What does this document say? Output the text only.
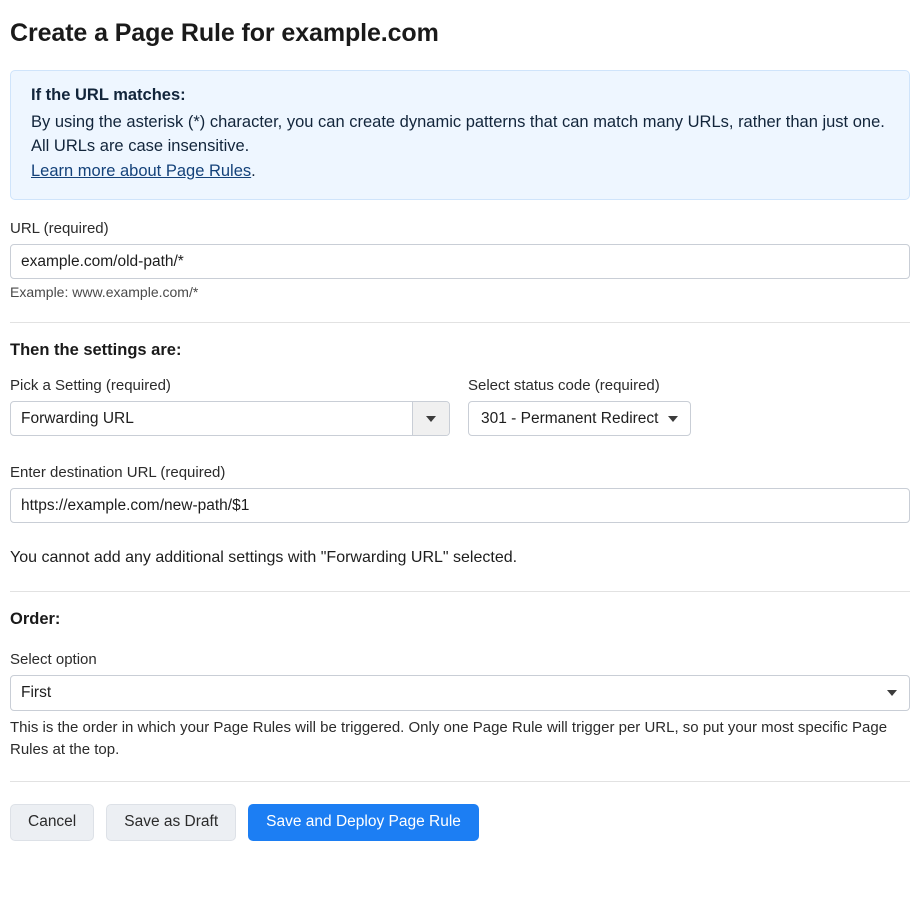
Create a Page Rule for example.com
If the URL matches:
By using the asterisk (*) character, you can create dynamic patterns that can match many URLs, rather than just one. All URLs are case insensitive.
Learn more about Page Rules.
URL (required)
example.com/old-path/*
Example: www.example.com/*
Then the settings are:
Pick a Setting (required)
Forwarding URL
Select status code (required)
301 - Permanent Redirect
Enter destination URL (required)
https://example.com/new-path/$1
You cannot add any additional settings with "Forwarding URL" selected.
Order:
Select option
First
This is the order in which your Page Rules will be triggered. Only one Page Rule will trigger per URL, so put your most specific Page Rules at the top.
Cancel	Save as Draft	Save and Deploy Page Rule
